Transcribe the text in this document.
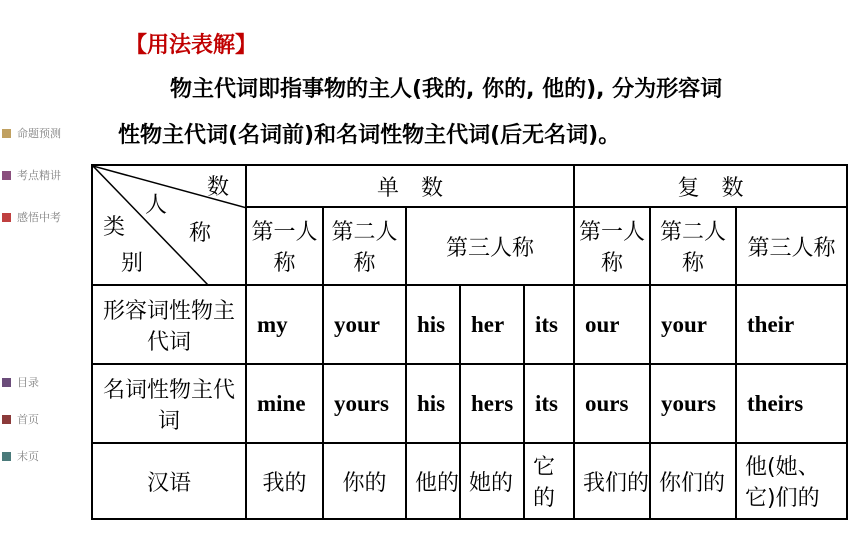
【用法表解】
物主代词即指事物的主人(我的, 你的, 他的), 分为形容词
性物主代词(名词前)和名词性物主代词(后无名词)。
命题预测
考点精讲
感悟中考
目录
首页
末页
数
人
称
类
别	单　数					复　数		
	第一人称	第二人称	第三人称			第一人称	第二人称	第三人称
形容词性物主代词	my	your	his	her	its	our	your	their
名词性物主代词	mine	yours	his	hers	its	ours	yours	theirs
汉语	我的	你的	他的	她的	它的	我们的	你们的	他(她、它)们的
